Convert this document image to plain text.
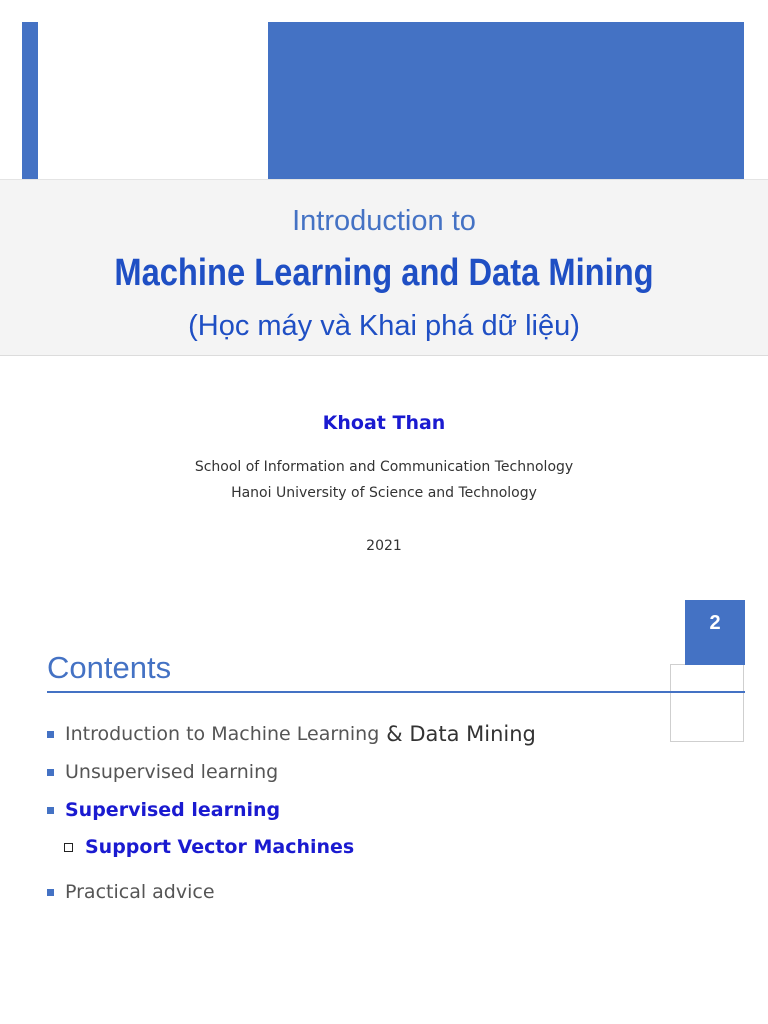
Introduction to
Machine Learning and Data Mining
(Học máy và Khai phá dữ liệu)
Khoat Than
School of Information and Communication Technology
Hanoi University of Science and Technology
2021
2
Contents
Introduction to Machine Learning & Data Mining
Unsupervised learning
Supervised learning
Support Vector Machines
Practical advice
